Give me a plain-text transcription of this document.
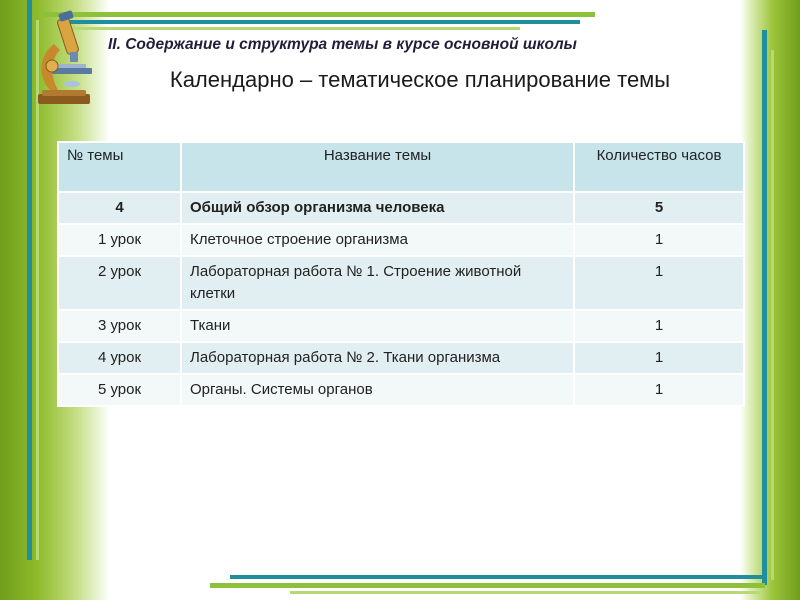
II. Содержание и структура темы в курсе основной школы
Календарно – тематическое планирование темы
№ темы	Название темы	Количество часов
4	Общий обзор организма человека	5
1 урок	Клеточное строение организма	1
2 урок	Лабораторная работа № 1. Строение животной клетки	1
3 урок	Ткани	1
4 урок	Лабораторная работа № 2. Ткани организма	1
5 урок	Органы. Системы органов	1
